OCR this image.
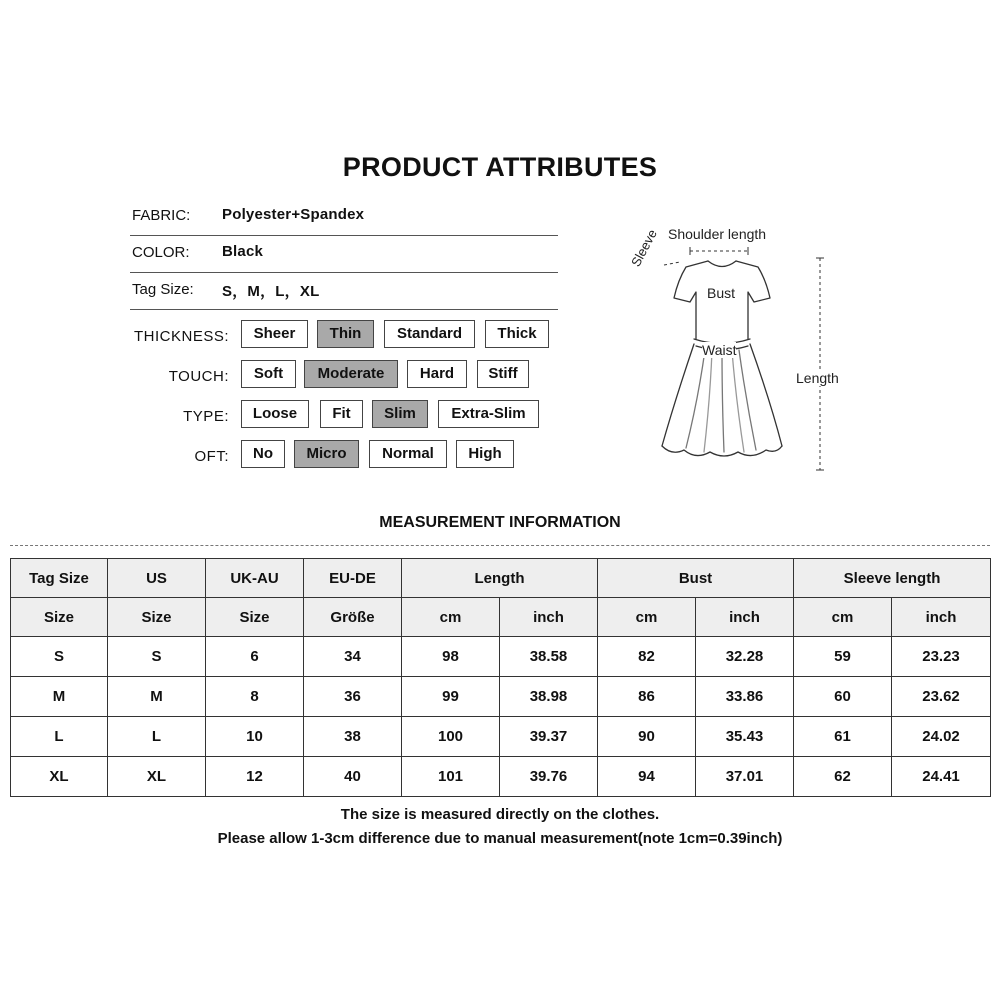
PRODUCT ATTRIBUTES
FABRIC: Polyester+Spandex
COLOR: Black
Tag Size: S，M，L，XL
THICKNESS:	Sheer	Thin	Standard	Thick
TOUCH:	Soft	Moderate	Hard	Stiff
TYPE:	Loose	Fit	Slim	Extra-Slim
OFT:	No	Micro	Normal	High
Shoulder length
Sleeve
Bust
Waist
Length
MEASUREMENT INFORMATION
Tag Size	US	UK-AU	EU-DE	Length		Bust		Sleeve length	
Size	Size	Size	Größe	cm	inch	cm	inch	cm	inch
S	S	6	34	98	38.58	82	32.28	59	23.23
M	M	8	36	99	38.98	86	33.86	60	23.62
L	L	10	38	100	39.37	90	35.43	61	24.02
XL	XL	12	40	101	39.76	94	37.01	62	24.41
The size is measured directly on the clothes.
Please allow 1-3cm difference due to manual measurement(note 1cm=0.39inch)
